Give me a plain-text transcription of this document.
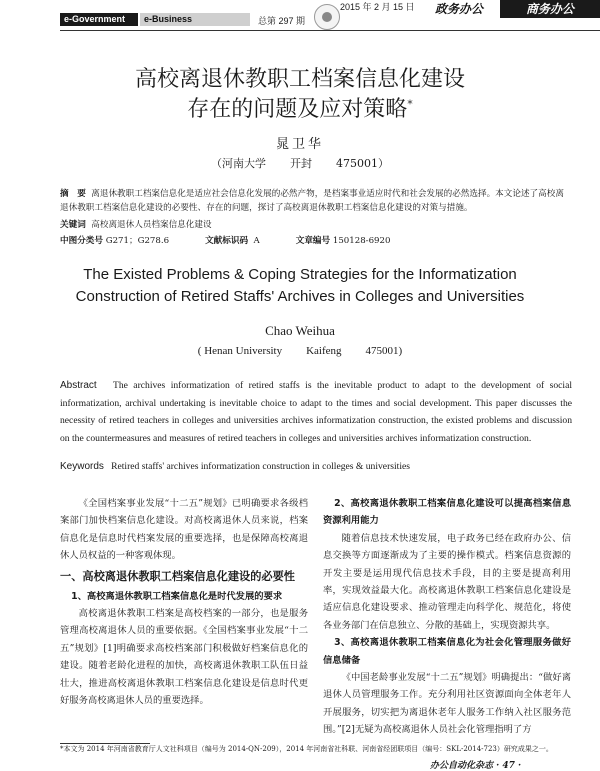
e-Government	e-Business	总第 297 期
2015 年 2 月 15 日	政务办公	商务办公
高校离退休教职工档案信息化建设
存在的问题及应对策略*
晁卫华
（河南大学 开封 475001）
摘　要 离退休教职工档案信息化是适应社会信息化发展的必然产物，是档案事业适应时代和社会发展的必然选择。本文论述了高校离退休教职工档案信息化建设的必要性、存在的问题，探讨了高校离退休教职工档案信息化建设的对策与措施。
关键词 高校离退休人员档案信息化建设
中图分类号 G271；G278.6	文献标识码 A	文章编号 150128-6920
The Existed Problems & Coping Strategies for the Informatization
Construction of Retired Staffs' Archives in Colleges and Universities
Chao Weihua
( Henan University Kaifeng 475001)
Abstract The archives informatization of retired staffs is the inevitable product to adapt to the development of social informatization, archival undertaking is inevitable choice to adapt to the times and social development. This paper discusses the necessity of retired teachers in colleges and universities archives informatization construction, the existed problems and discussion on the countermeasures and measures of retired teachers in colleges and universities archives informatization construction.
Keywords Retired staffs' archives informatization construction in colleges & universities

《全国档案事业发展“十二五”规划》已明确要求各级档案部门加快档案信息化建设。对高校离退休人员来说，档案信息化是信息时代档案发展的重要选择，也是保障高校离退休人员权益的一种客观体现。

一、高校离退休教职工档案信息化建设的必要性
1、高校离退休教职工档案信息化是时代发展的要求

高校离退休教职工档案是高校档案的一部分，也是服务管理高校离退休人员的重要依据。《全国档案事业发展“十二五”规划》[1]明确要求高校档案部门积极做好档案信息化的建设。随着老龄化进程的加快，高校离退休教职工队伍日益壮大，推进高校离退休教职工档案信息化建设是信息时代更好服务高校离退休人员的重要选择。

2、高校离退休教职工档案信息化建设可以提高档案信息资源利用能力

随着信息技术快速发展，电子政务已经在政府办公、信息交换等方面逐渐成为了主要的操作模式。档案信息资源的开发主要是运用现代信息技术手段，目的主要是提高利用率，实现效益最大化。高校离退休教职工档案信息化建设是适应信息化建设要求、推动管理走向科学化、规范化，将使各业务部门在信息独立、分散的基础上，实现资源共享。

3、高校离退休教职工档案信息化为社会化管理服务做好信息储备

《中国老龄事业发展“十二五”规划》明确提出：“做好离退休人员管理服务工作。充分利用社区资源面向全体老年人开展服务，切实把为离退休老年人服务工作纳入社区服务范围。”[2]无疑为高校离退休人员社会化管理指明了方

*本文为 2014 年河南省教育厅人文社科项目（编号为 2014-QN-209），2014 年河南省社科联、河南省经团联项目（编号：SKL-2014-723）研究成果之一。
办公自动化杂志 · 47 ·
